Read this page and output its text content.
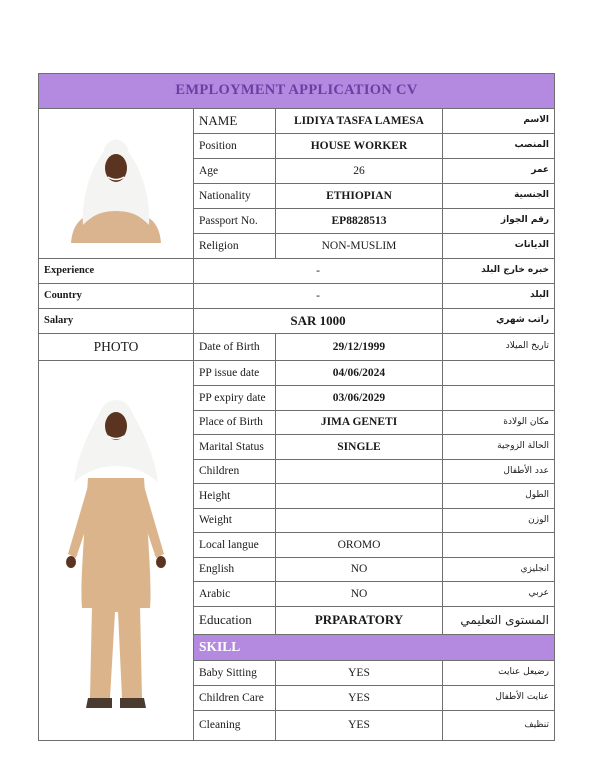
EMPLOYMENT APPLICATION CV			

	NAME	LIDIYA TASFA LAMESA	الاسم
	Position	HOUSE WORKER	المنصب
	Age	26	عمر
	Nationality	ETHIOPIAN	الجنسية
	Passport No.	EP8828513	رقم الجواز
	Religion	NON-MUSLIM	الديانات
Experience	-		خبره خارج البلد
Country	-		البلد
Salary	SAR 1000		راتب شهري
PHOTO	Date of Birth	29/12/1999	تاريخ الميلاد

	PP issue date	04/06/2024	
	PP expiry date	03/06/2029	
	Place of Birth	JIMA GENETI	مكان الولادة
	Marital Status	SINGLE	الحالة الزوجية
	Children		عدد الأطفال
	Height		الطول
	Weight		الوزن
	Local langue	OROMO	
	English	NO	انجليزي
	Arabic	NO	عربي
	Education	PRPARATORY	المستوى التعليمي
	SKILL		
	Baby Sitting	YES	رضيعل عنايت
	Children Care	YES	عنايت الأطفال
	Cleaning	YES	تنظيف
